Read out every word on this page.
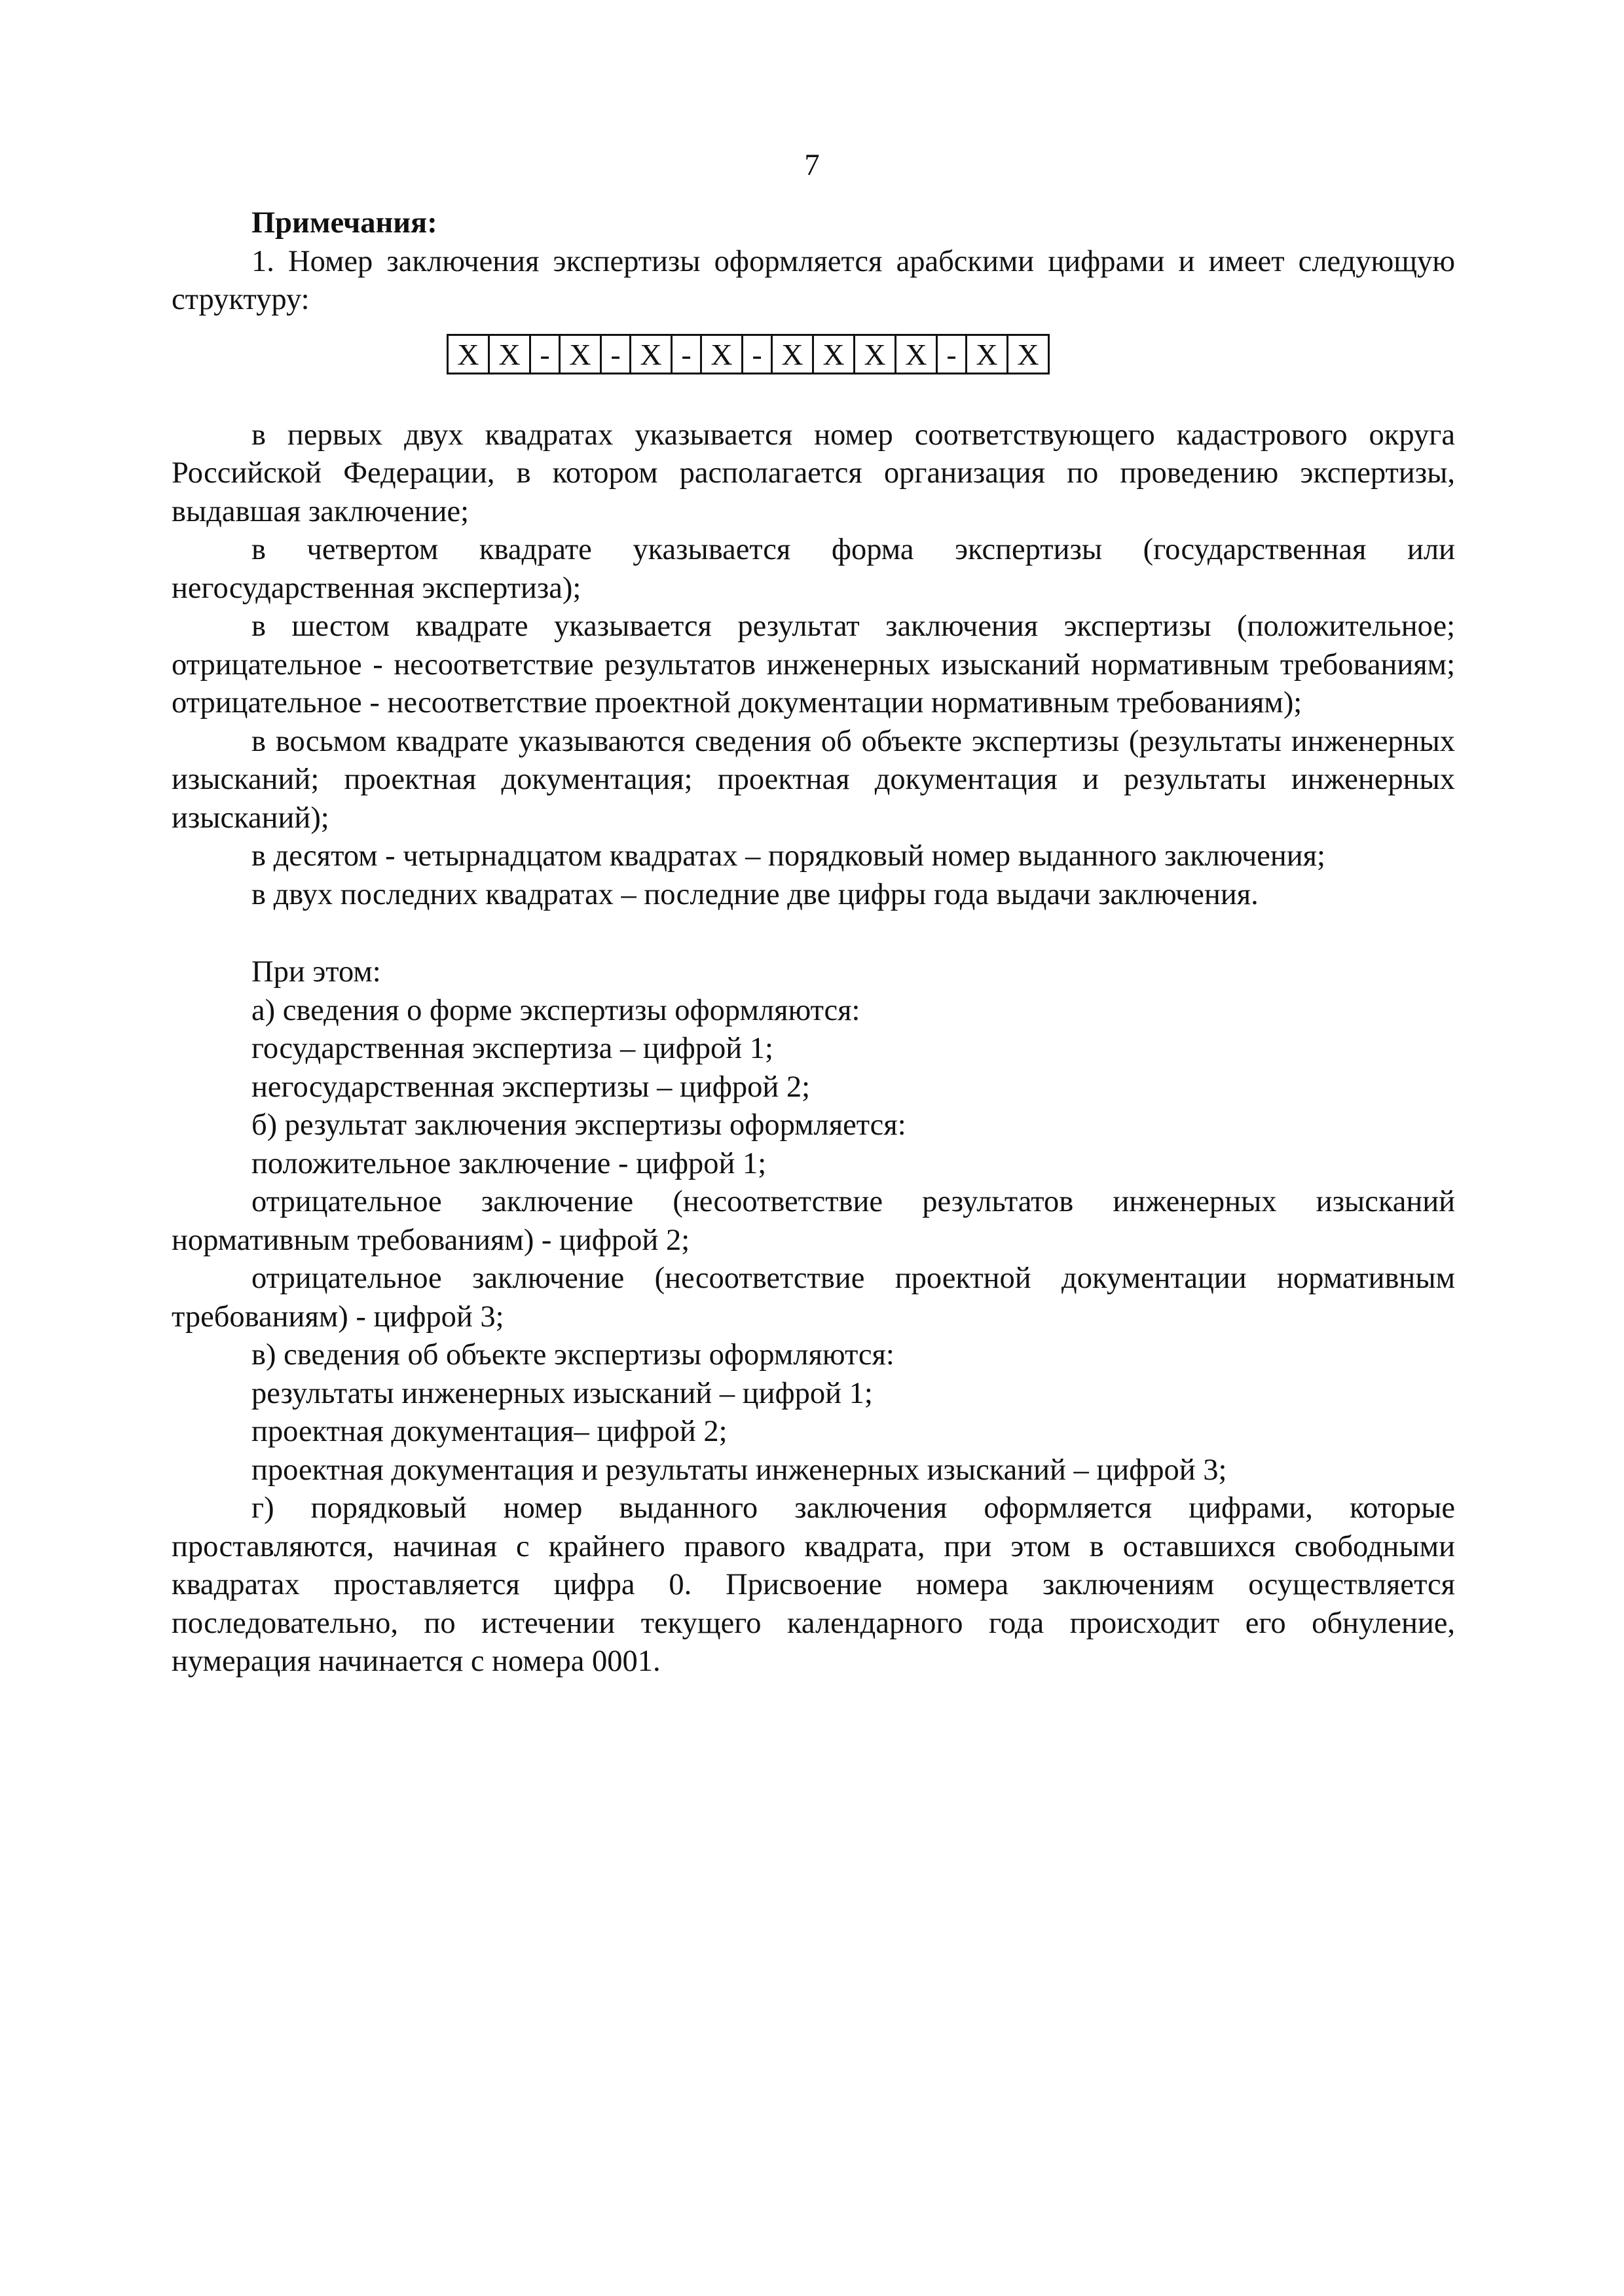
7

Примечания:

1. Номер заключения экспертизы оформляется арабскими цифрами и имеет следующую структуру:

X X - X - X - X - X X X X - X X

в первых двух квадратах указывается номер соответствующего кадастрового округа Российской Федерации, в котором располагается организация по проведению экспертизы, выдавшая заключение;

в четвертом квадрате указывается форма экспертизы (государственная или негосударственная экспертиза);

в шестом квадрате указывается результат заключения экспертизы (положительное; отрицательное - несоответствие результатов инженерных изысканий нормативным требованиям; отрицательное - несоответствие проектной документации нормативным требованиям);

в восьмом квадрате указываются сведения об объекте экспертизы (результаты инженерных изысканий; проектная документация; проектная документация и результаты инженерных изысканий);

в десятом - четырнадцатом квадратах – порядковый номер выданного заключения;

в двух последних квадратах – последние две цифры года выдачи заключения.

При этом:

а) сведения о форме экспертизы оформляются:

государственная экспертиза – цифрой 1;

негосударственная экспертизы – цифрой 2;

б) результат заключения экспертизы оформляется:

положительное заключение - цифрой 1;

отрицательное заключение (несоответствие результатов инженерных изысканий нормативным требованиям) - цифрой 2;

отрицательное заключение (несоответствие проектной документации нормативным требованиям) - цифрой 3;

в) сведения об объекте экспертизы оформляются:

результаты инженерных изысканий – цифрой 1;

проектная документация– цифрой 2;

проектная документация и результаты инженерных изысканий – цифрой 3;

г) порядковый номер выданного заключения оформляется цифрами, которые проставляются, начиная с крайнего правого квадрата, при этом в оставшихся свободными квадратах проставляется цифра 0. Присвоение номера заключениям осуществляется последовательно, по истечении текущего календарного года происходит его обнуление, нумерация начинается с номера 0001.
